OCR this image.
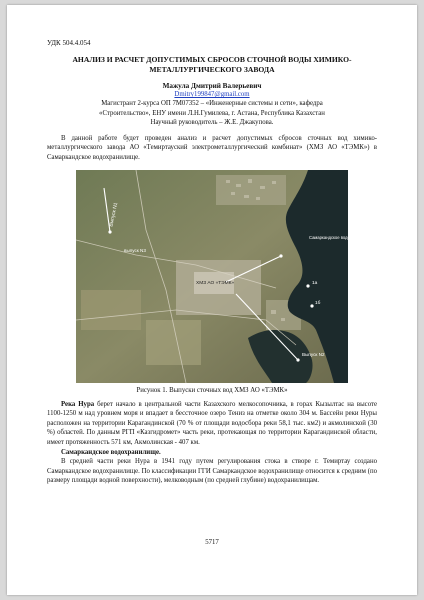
УДК 504.4.054
АНАЛИЗ И РАСЧЕТ ДОПУСТИМЫХ СБРОСОВ СТОЧНОЙ ВОДЫ ХИМИКО-МЕТАЛЛУРГИЧЕСКОГО ЗАВОДА
Мажула Дмитрий Валерьевич
Dmitry199847@gmail.com
Магистрант 2-курса ОП 7М07352 – «Инженерные системы и сети», кафедра
«Строительство», ЕНУ имени Л.Н.Гумилева, г. Астана, Республика Казахстан
Научный руководитель – Ж.Е. Джакупова.

В данной работе будет проведен анализ и расчет допустимых сбросов сточных вод химико-металлургического завода АО «Темиртауский электрометаллургический комбинат» (ХМЗ АО «ТЭМК») в Самаркандское водохранилище.

Выпуск N1
Самаркандское водохранилище
ХМЗ АО «ТЭМК»
выпуск N3
Выпуск N2
1а
1б
Рисунок 1. Выпуски сточных вод ХМЗ АО «ТЭМК»

Река Нура берет начало в центральной части Казахского мелкосопочника, в горах Кызылтас на высоте 1100-1250 м над уровнем моря и впадает в бессточное озеро Тениз на отметке около 304 м. Бассейн реки Нуры расположен на территории Карагандинской (70 % от площади водосбора реки 58,1 тыс. км2) и акмолинской (30 %) областей. По данным РГП «Казгидромет» часть реки, протекающая по территории Карагандинской области, имеет протяженность 571 км, Акмолинская - 407 км.

Самаркандское водохранилище.

В средней части реки Нура в 1941 году путем регулирования стока в створе г. Темиртау создано Самаркандское водохранилище. По классификации ГГИ Самаркандское водохранилище относится к средним (по размеру площади водной поверхности), мелководным (по средней глубине) водохранилищам.

5717
